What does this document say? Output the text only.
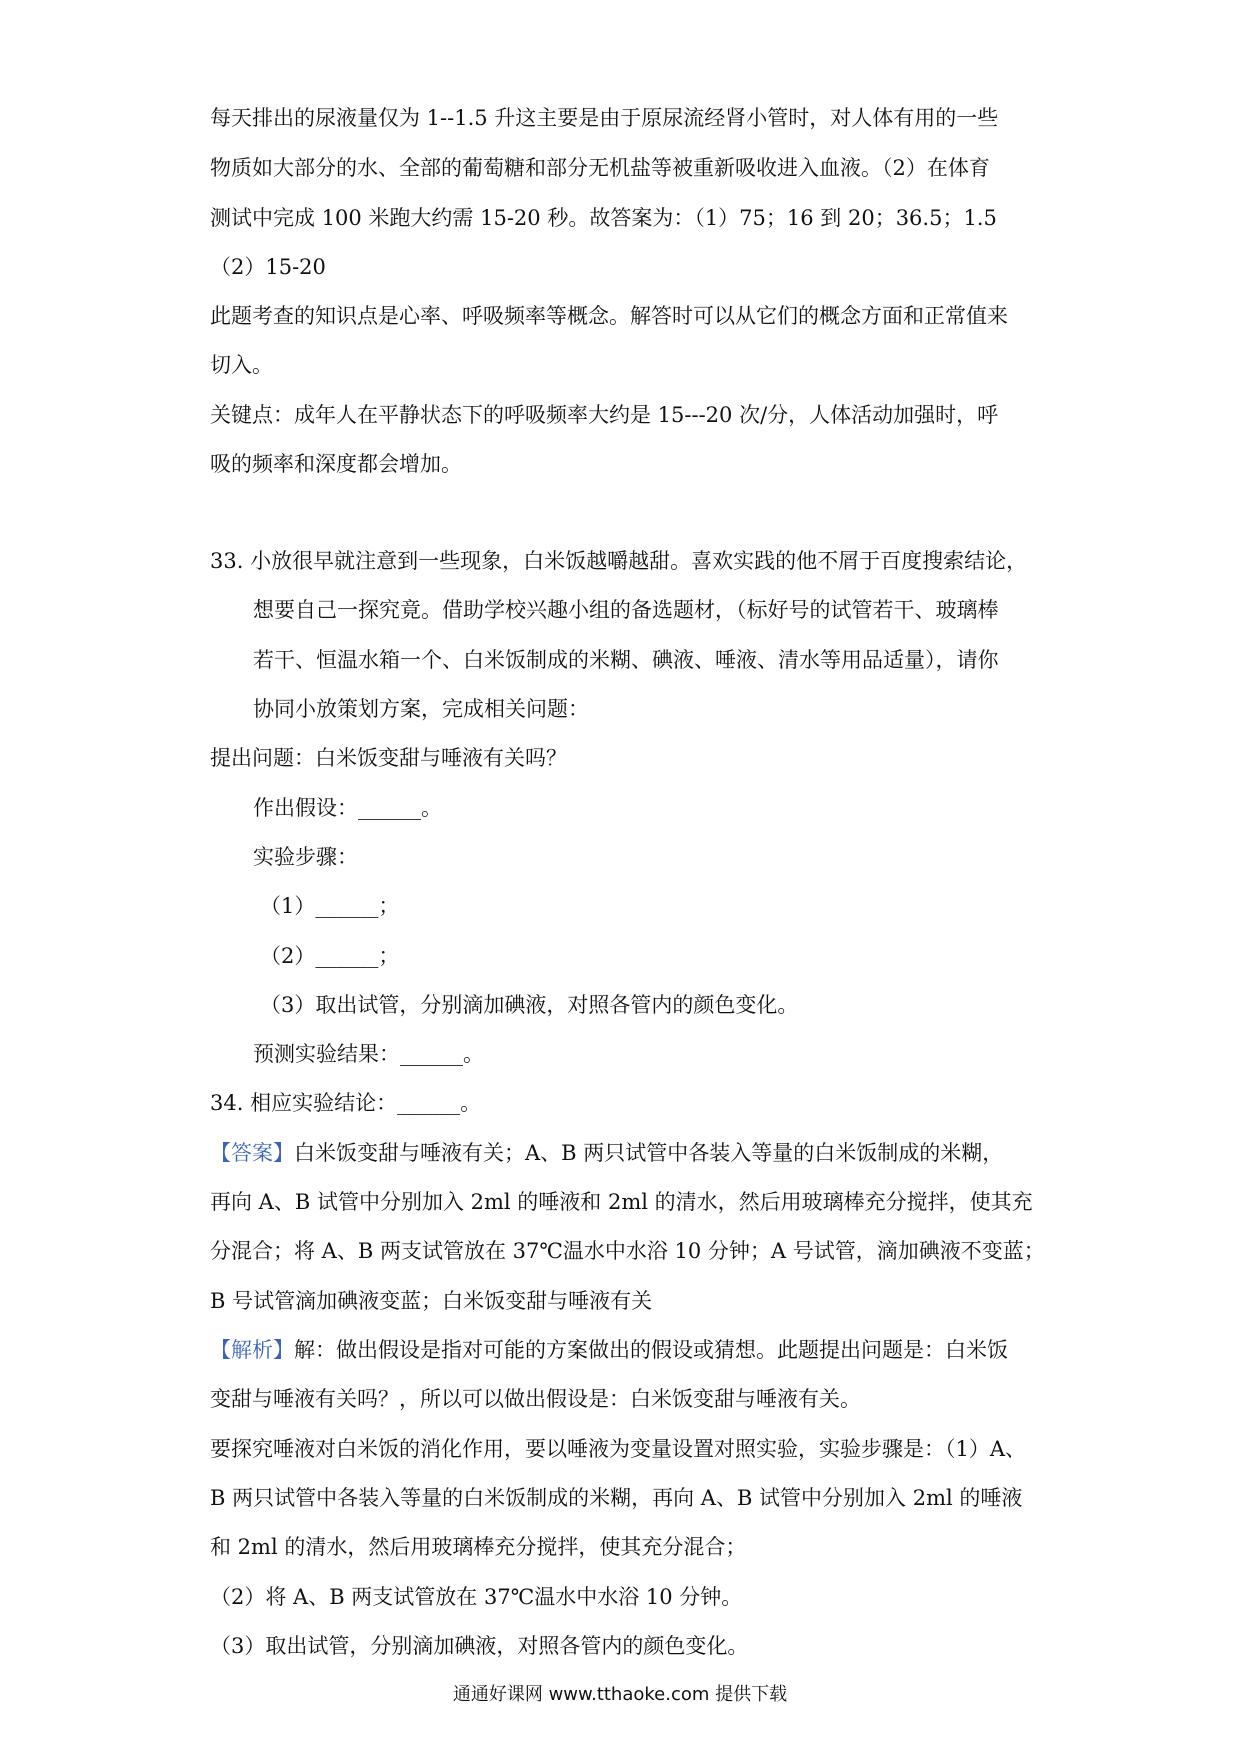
每天排出的尿液量仅为 1--1.5 升这主要是由于原尿流经肾小管时，对人体有用的一些
物质如大部分的水、全部的葡萄糖和部分无机盐等被重新吸收进入血液。（2）在体育
测试中完成 100 米跑大约需 15-20 秒。故答案为：（1）75；16 到 20；36.5；1.5
（2）15-20
此题考查的知识点是心率、呼吸频率等概念。解答时可以从它们的概念方面和正常值来
切入。
关键点：成年人在平静状态下的呼吸频率大约是 15---20 次/分，人体活动加强时，呼
吸的频率和深度都会增加。
33. 小放很早就注意到一些现象，白米饭越嚼越甜。喜欢实践的他不屑于百度搜索结论，
想要自己一探究竟。借助学校兴趣小组的备选题材，（标好号的试管若干、玻璃棒
若干、恒温水箱一个、白米饭制成的米糊、碘液、唾液、清水等用品适量），请你
协同小放策划方案，完成相关问题：
提出问题：白米饭变甜与唾液有关吗？
作出假设：______。
实验步骤：
（1）______；
（2）______；
（3）取出试管，分别滴加碘液，对照各管内的颜色变化。
预测实验结果：______。
34. 相应实验结论：______。
【答案】白米饭变甜与唾液有关；A、B 两只试管中各装入等量的白米饭制成的米糊，
再向 A、B 试管中分别加入 2ml 的唾液和 2ml 的清水，然后用玻璃棒充分搅拌，使其充
分混合；将 A、B 两支试管放在 37℃温水中水浴 10 分钟；A 号试管，滴加碘液不变蓝；
B 号试管滴加碘液变蓝；白米饭变甜与唾液有关
【解析】解：做出假设是指对可能的方案做出的假设或猜想。此题提出问题是：白米饭
变甜与唾液有关吗？，所以可以做出假设是：白米饭变甜与唾液有关。
要探究唾液对白米饭的消化作用，要以唾液为变量设置对照实验，实验步骤是：（1）A、
B 两只试管中各装入等量的白米饭制成的米糊，再向 A、B 试管中分别加入 2ml 的唾液
和 2ml 的清水，然后用玻璃棒充分搅拌，使其充分混合；
（2）将 A、B 两支试管放在 37℃温水中水浴 10 分钟。
（3）取出试管，分别滴加碘液，对照各管内的颜色变化。
通通好课网 www.tthaoke.com 提供下载
